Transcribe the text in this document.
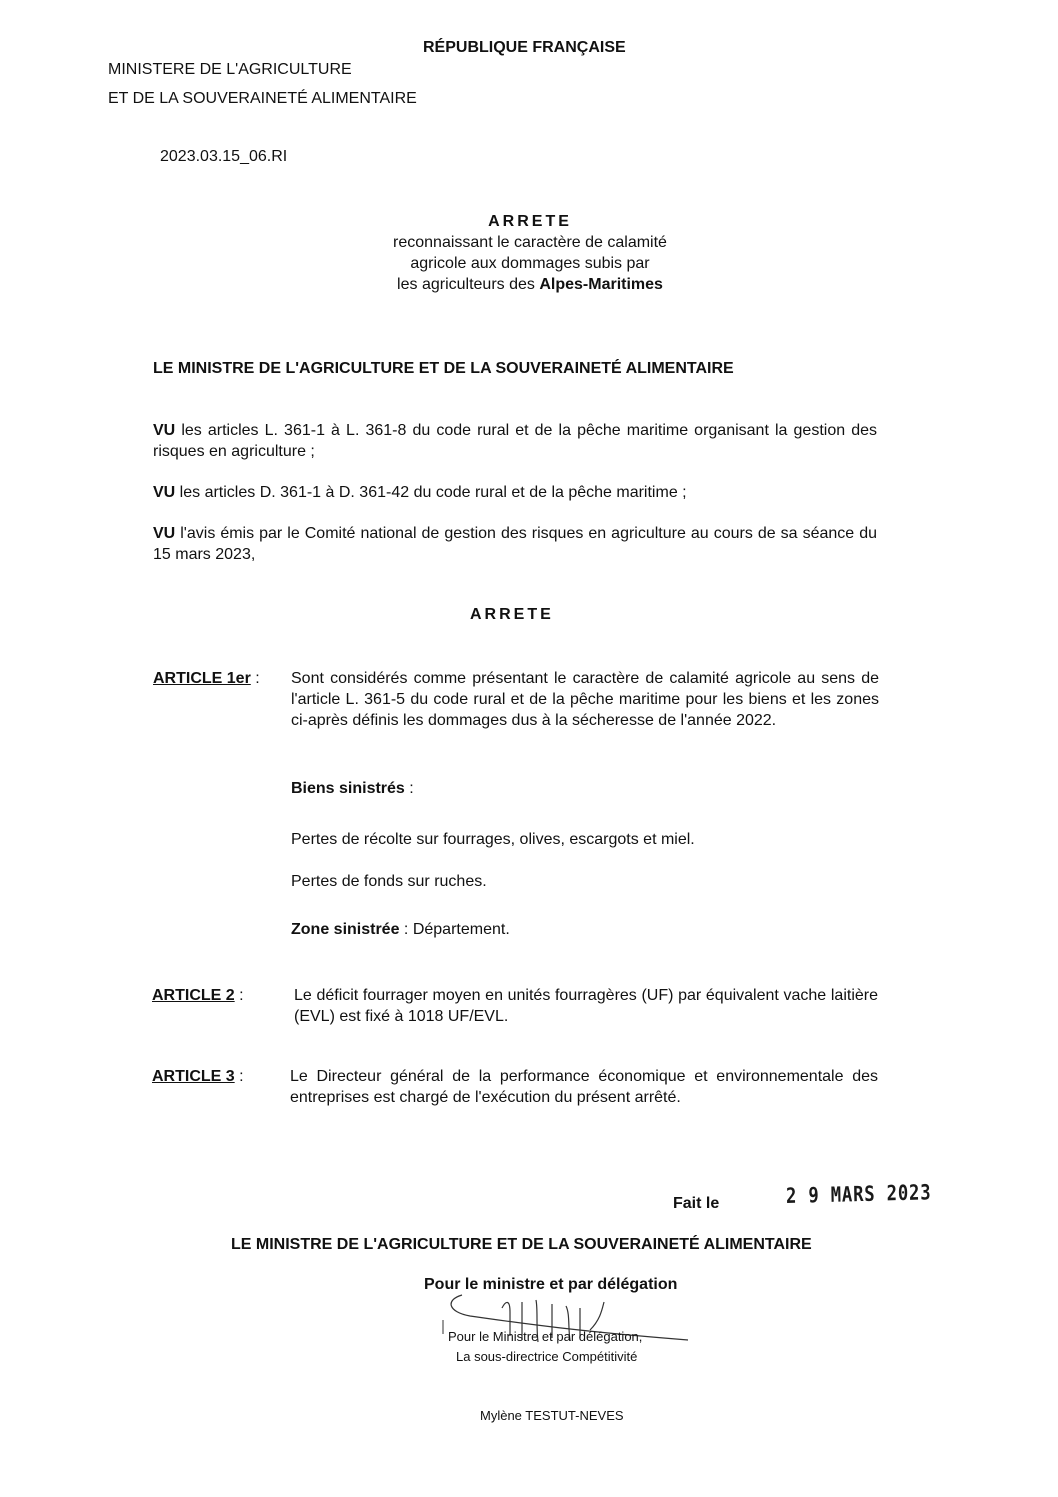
RÉPUBLIQUE FRANÇAISE
MINISTERE DE L'AGRICULTURE
ET DE LA SOUVERAINETÉ ALIMENTAIRE
2023.03.15_06.RI
ARRETE
reconnaissant le caractère de calamité
agricole aux dommages subis par
les agriculteurs des Alpes-Maritimes
LE MINISTRE DE L'AGRICULTURE ET DE LA SOUVERAINETÉ ALIMENTAIRE
VU les articles L. 361-1 à L. 361-8 du code rural et de la pêche maritime organisant la gestion des risques en agriculture ;
VU les articles D. 361-1 à D. 361-42 du code rural et de la pêche maritime ;
VU l'avis émis par le Comité national de gestion des risques en agriculture au cours de sa séance du 15 mars 2023,
ARRETE
ARTICLE 1er : Sont considérés comme présentant le caractère de calamité agricole au sens de l'article L. 361-5 du code rural et de la pêche maritime pour les biens et les zones ci-après définis les dommages dus à la sécheresse de l'année 2022.
Biens sinistrés :
Pertes de récolte sur fourrages, olives, escargots et miel.
Pertes de fonds sur ruches.
Zone sinistrée : Département.
ARTICLE 2 :	Le déficit fourrager moyen en unités fourragères (UF) par équivalent vache laitière (EVL) est fixé à 1018 UF/EVL.
ARTICLE 3 :	Le Directeur général de la performance économique et environnementale des entreprises est chargé de l'exécution du présent arrêté.
Fait le	2 9 MARS 2023
LE MINISTRE DE L'AGRICULTURE ET DE LA SOUVERAINETÉ ALIMENTAIRE
Pour le ministre et par délégation
Pour le Ministre et par délégation,
La sous-directrice Compétitivité
Mylène TESTUT-NEVES
